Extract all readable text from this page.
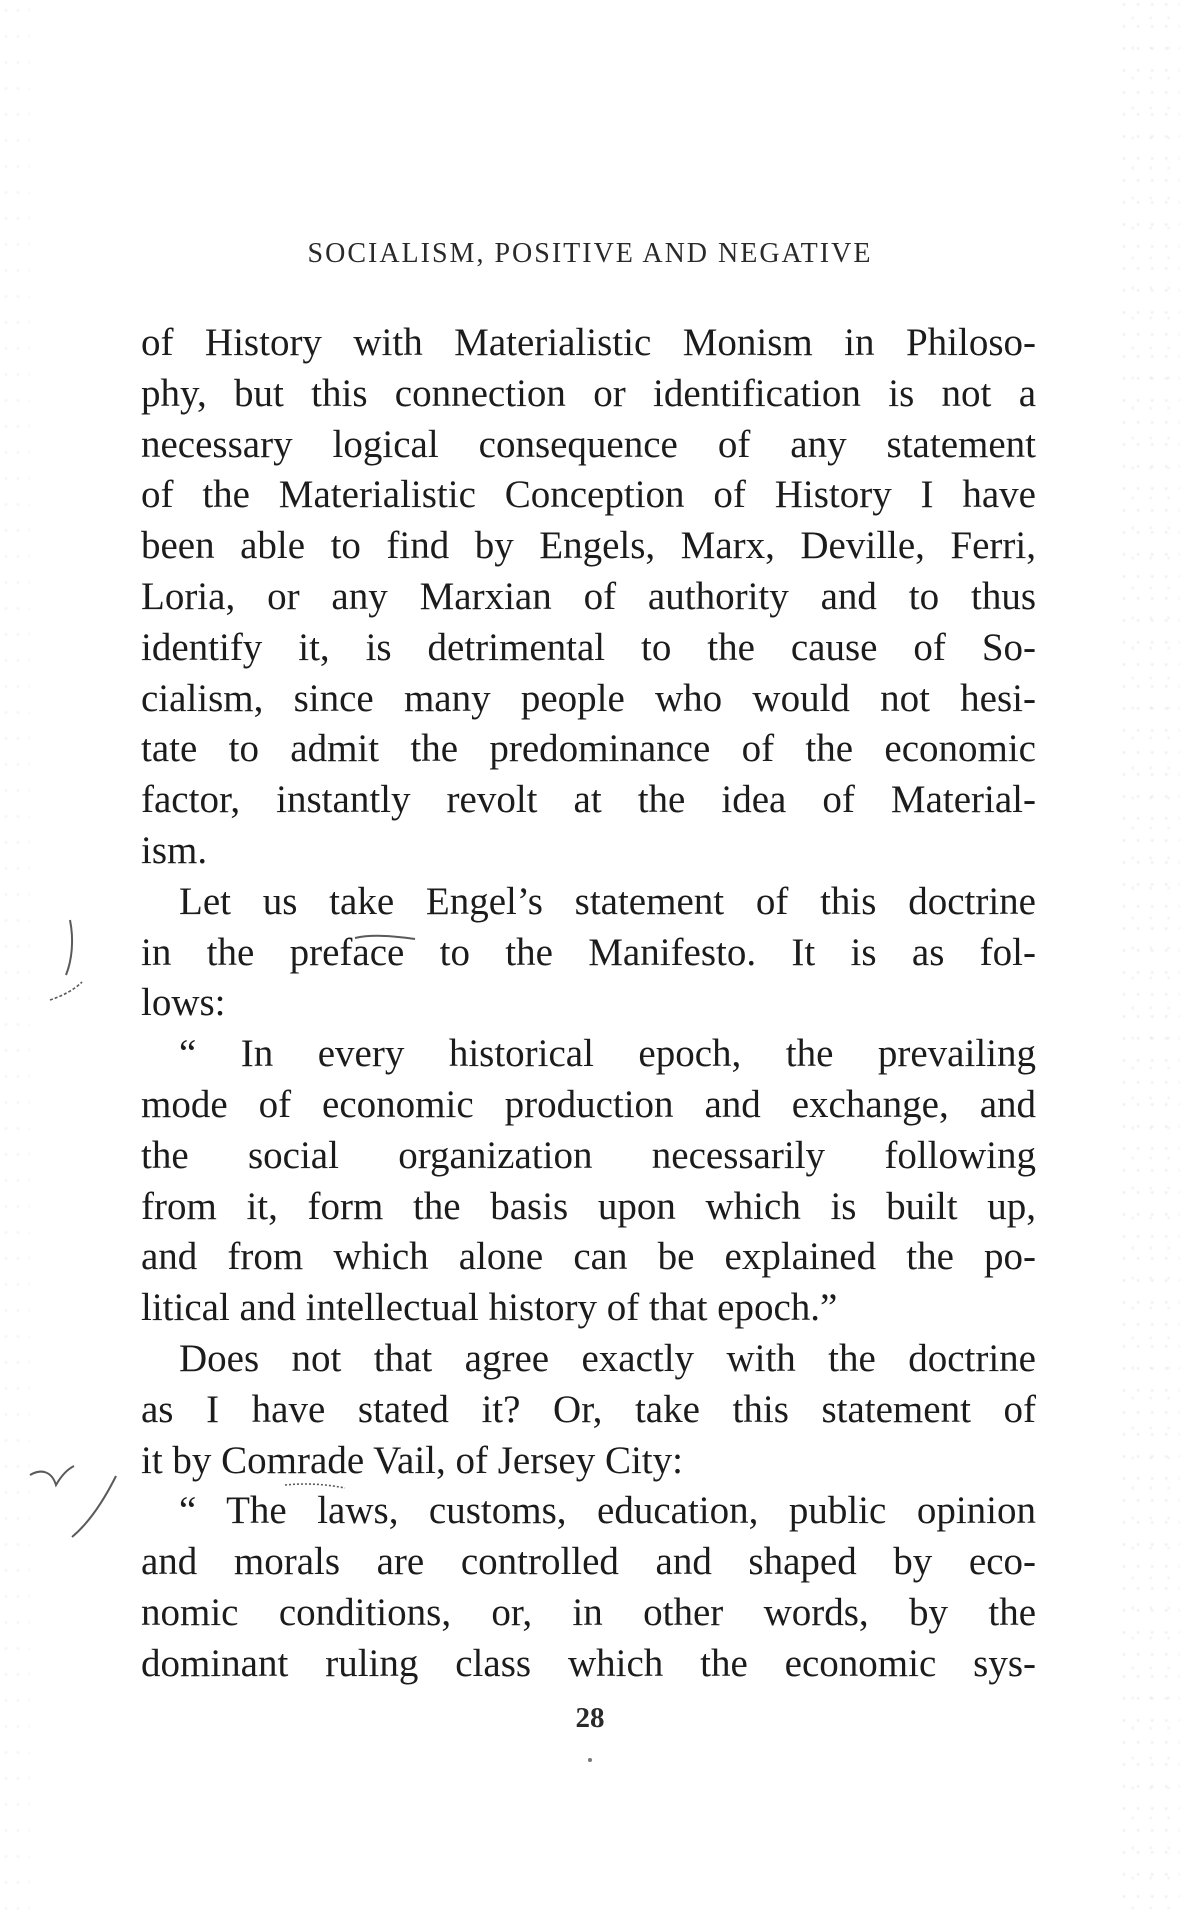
SOCIALISM, POSITIVE AND NEGATIVE
of History with Materialistic Monism in Philoso-
phy, but this connection or identification is not a
necessary logical consequence of any statement
of the Materialistic Conception of History I have
been able to find by Engels, Marx, Deville, Ferri,
Loria, or any Marxian of authority and to thus
identify it, is detrimental to the cause of So-
cialism, since many people who would not hesi-
tate to admit the predominance of the economic
factor, instantly revolt at the idea of Material-
ism.
Let us take Engel’s statement of this doctrine
in the preface to the Manifesto. It is as fol-
lows:
“ In every historical epoch, the prevailing
mode of economic production and exchange, and
the social organization necessarily following
from it, form the basis upon which is built up,
and from which alone can be explained the po-
litical and intellectual history of that epoch.”
Does not that agree exactly with the doctrine
as I have stated it? Or, take this statement of
it by Comrade Vail, of Jersey City:
“ The laws, customs, education, public opinion
and morals are controlled and shaped by eco-
nomic conditions, or, in other words, by the
dominant ruling class which the economic sys-
28
